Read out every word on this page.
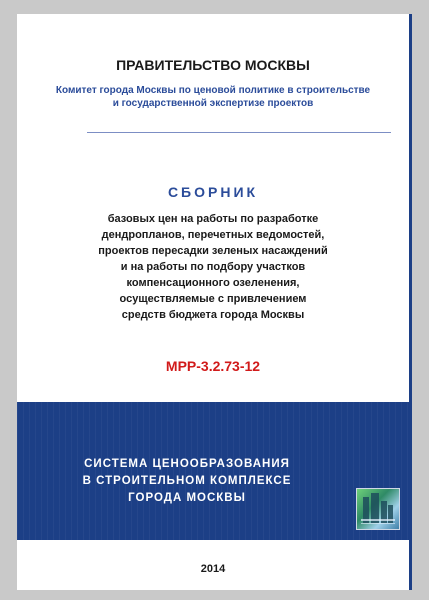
ПРАВИТЕЛЬСТВО МОСКВЫ
Комитет города Москвы по ценовой политике в строительстве
и государственной экспертизе проектов
СБОРНИК
базовых цен на работы по разработке
дендропланов, перечетных ведомостей,
проектов пересадки зеленых насаждений
и на работы по подбору участков
компенсационного озеленения,
осуществляемые с привлечением
средств бюджета города Москвы
МРР-3.2.73-12
СИСТЕМА ЦЕНООБРАЗОВАНИЯ
В СТРОИТЕЛЬНОМ КОМПЛЕКСЕ
ГОРОДА МОСКВЫ
2014
